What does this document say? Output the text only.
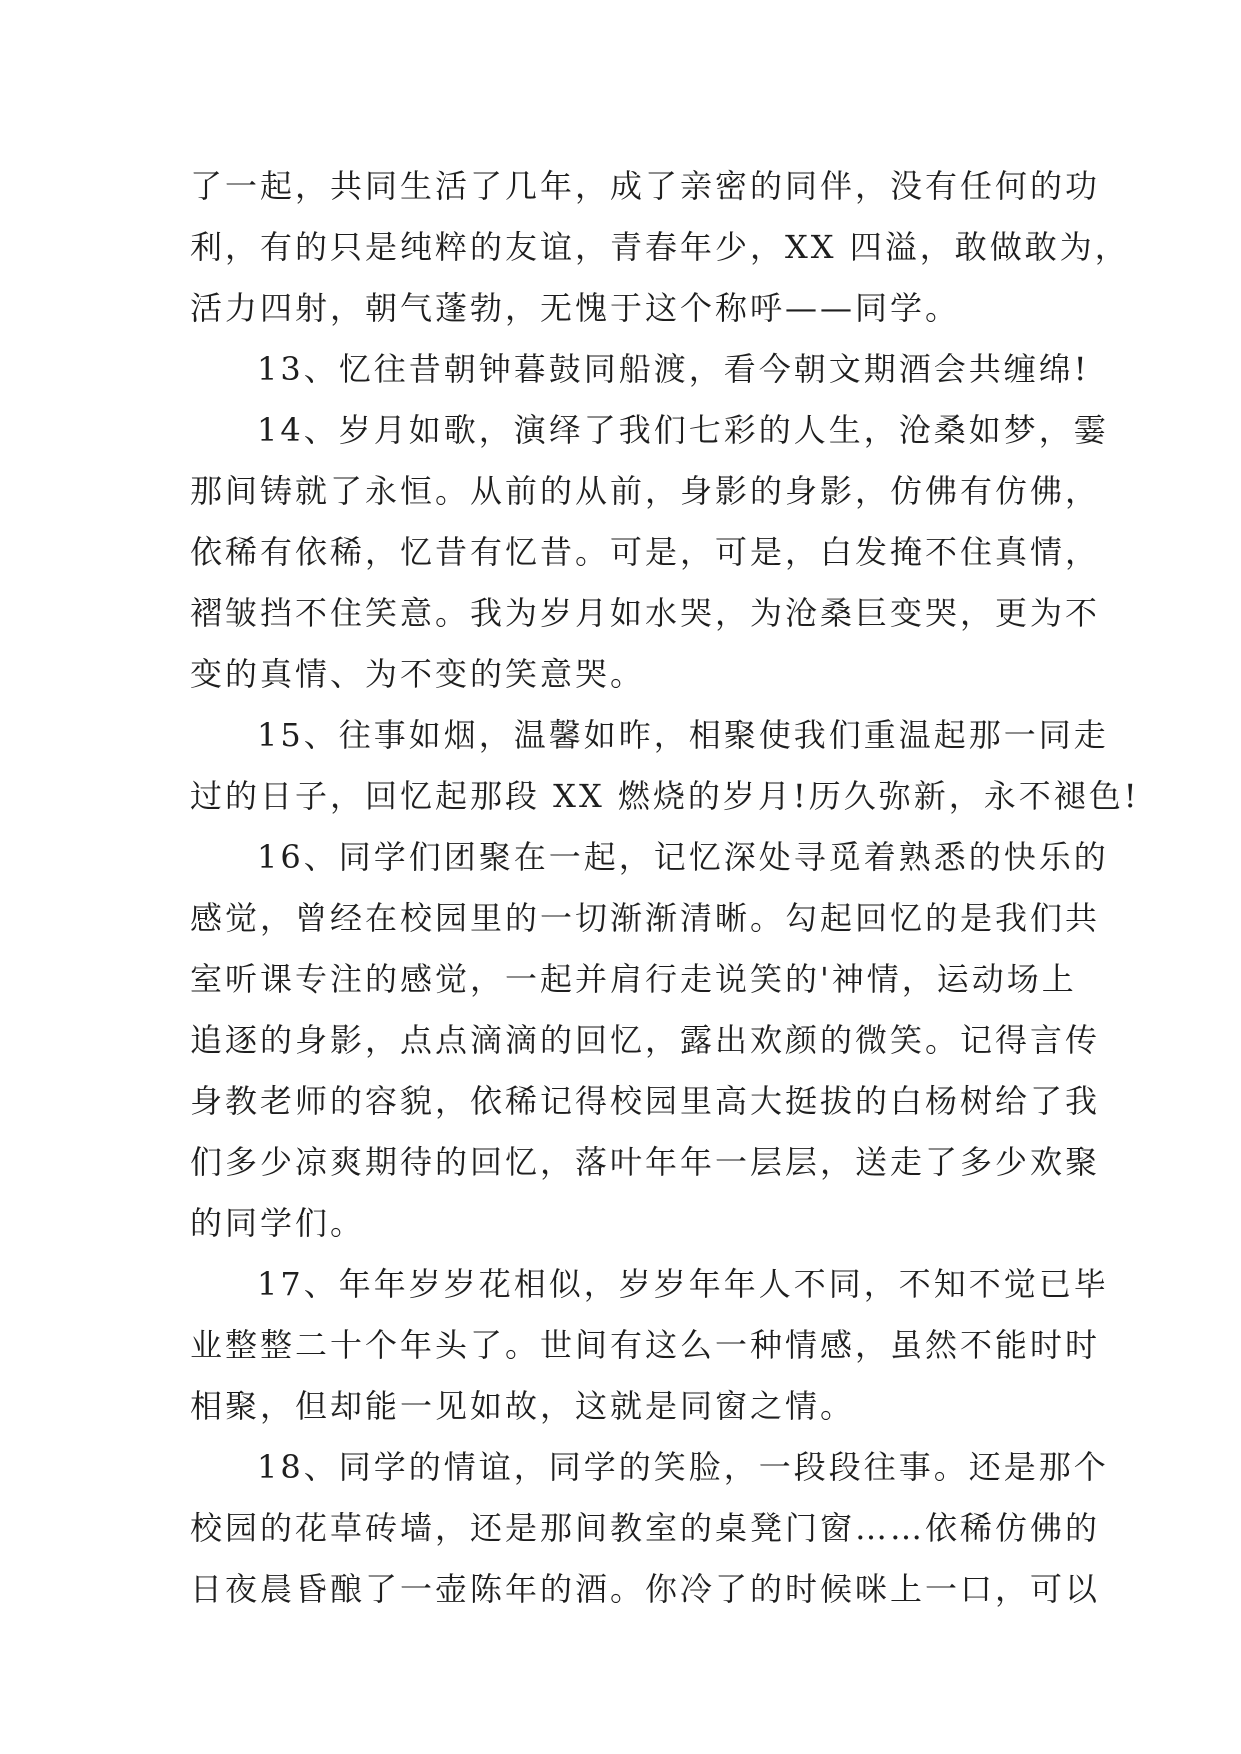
了一起，共同生活了几年，成了亲密的同伴，没有任何的功
利，有的只是纯粹的友谊，青春年少，XX 四溢，敢做敢为，
活力四射，朝气蓬勃，无愧于这个称呼——同学。

13、忆往昔朝钟暮鼓同船渡，看今朝文期酒会共缠绵!

14、岁月如歌，演绎了我们七彩的人生，沧桑如梦，霎
那间铸就了永恒。从前的从前，身影的身影，仿佛有仿佛，
依稀有依稀，忆昔有忆昔。可是，可是，白发掩不住真情，
褶皱挡不住笑意。我为岁月如水哭，为沧桑巨变哭，更为不
变的真情、为不变的笑意哭。

15、往事如烟，温馨如昨，相聚使我们重温起那一同走
过的日子，回忆起那段 XX 燃烧的岁月!历久弥新，永不褪色!

16、同学们团聚在一起，记忆深处寻觅着熟悉的快乐的
感觉，曾经在校园里的一切渐渐清晰。勾起回忆的是我们共
室听课专注的感觉，一起并肩行走说笑的'神情，运动场上
追逐的身影，点点滴滴的回忆，露出欢颜的微笑。记得言传
身教老师的容貌，依稀记得校园里高大挺拔的白杨树给了我
们多少凉爽期待的回忆，落叶年年一层层，送走了多少欢聚
的同学们。

17、年年岁岁花相似，岁岁年年人不同，不知不觉已毕
业整整二十个年头了。世间有这么一种情感，虽然不能时时
相聚，但却能一见如故，这就是同窗之情。

18、同学的情谊，同学的笑脸，一段段往事。还是那个
校园的花草砖墙，还是那间教室的桌凳门窗……依稀仿佛的
日夜晨昏酿了一壶陈年的酒。你冷了的时候咪上一口，可以
